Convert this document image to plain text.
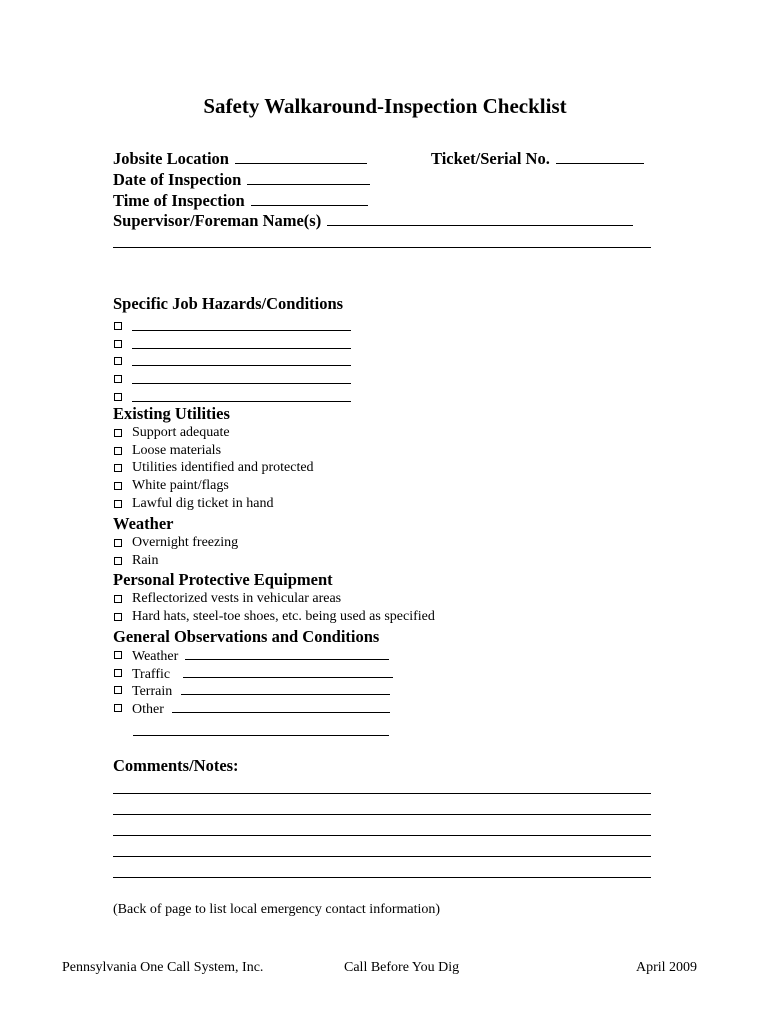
Safety Walkaround-Inspection Checklist
Jobsite Location	Ticket/Serial No.
Date of Inspection
Time of Inspection
Supervisor/Foreman Name(s)
Specific Job Hazards/Conditions
Existing Utilities
Support adequate
Loose materials
Utilities identified and protected
White paint/flags
Lawful dig ticket in hand
Weather
Overnight freezing
Rain
Personal Protective Equipment
Reflectorized vests in vehicular areas
Hard hats, steel-toe shoes, etc. being used as specified
General Observations and Conditions
Weather
Traffic
Terrain
Other
Comments/Notes:
(Back of page to list local emergency contact information)
Pennsylvania One Call System, Inc.	Call Before You Dig	April 2009
